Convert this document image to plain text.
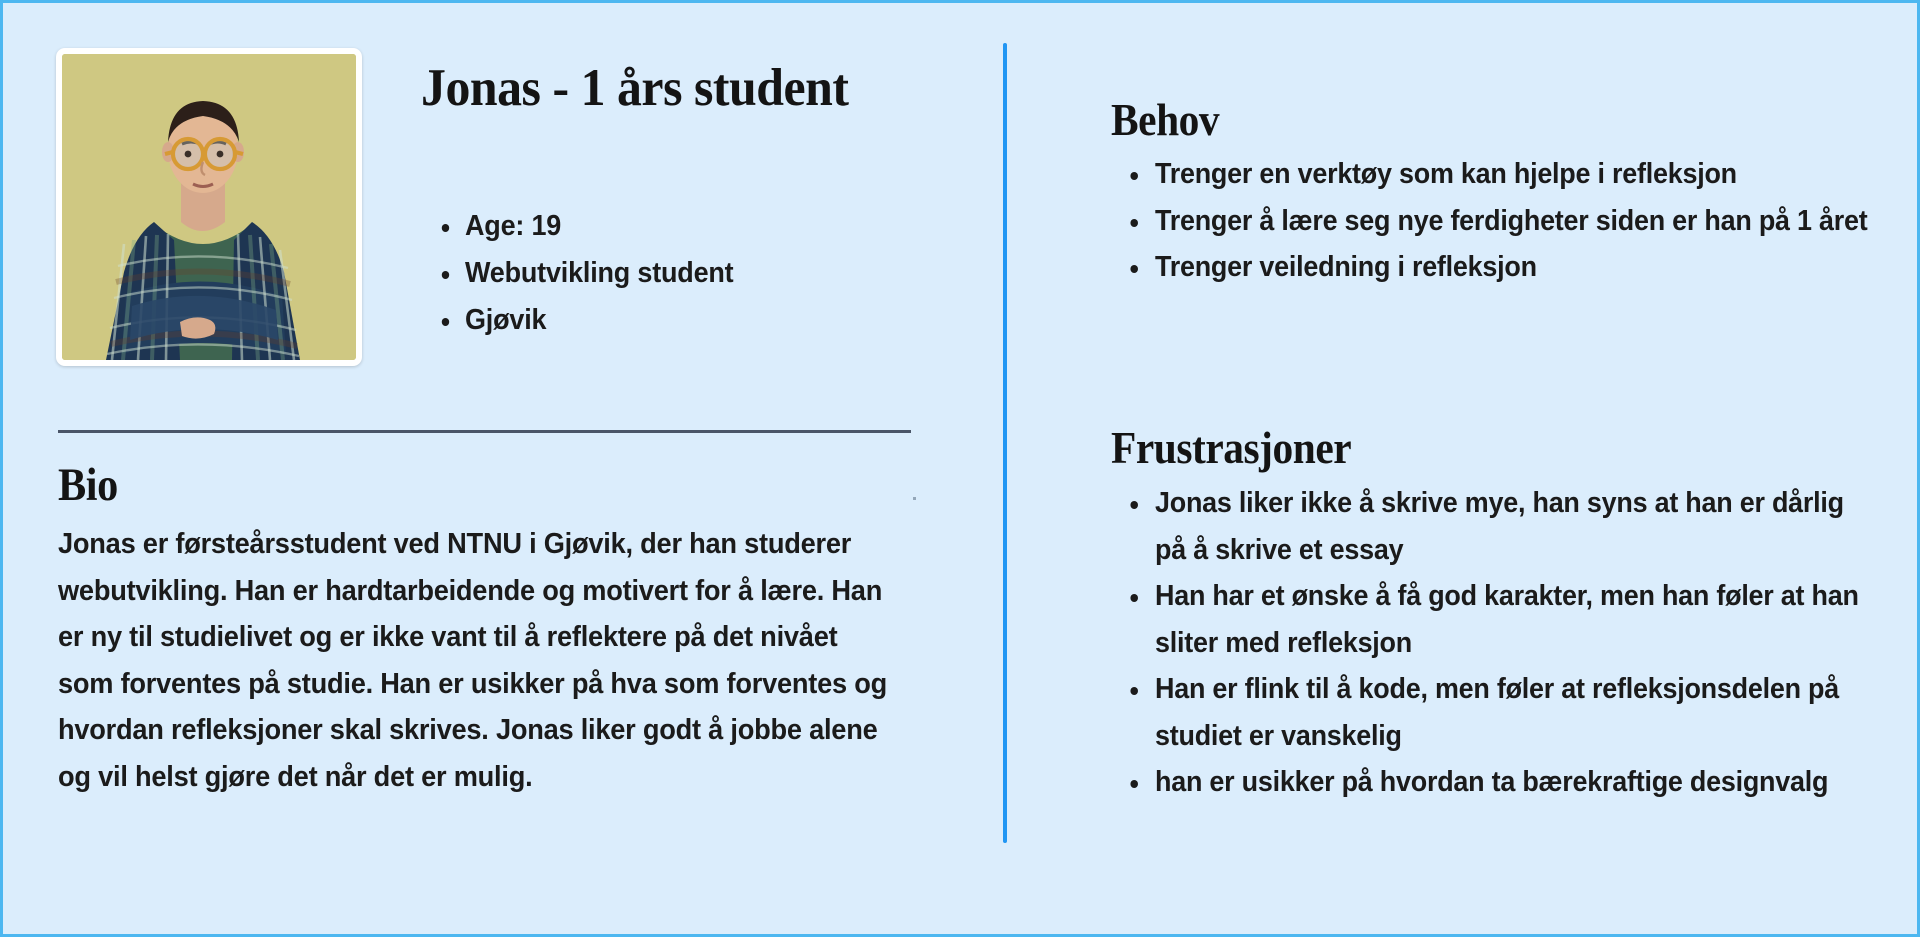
Jonas - 1 års student
Age: 19
Webutvikling student
Gjøvik
Bio

Jonas er førsteårsstudent ved NTNU i Gjøvik, der han studerer webutvikling. Han er hardtarbeidende og motivert for å lære. Han er ny til studielivet og er ikke vant til å reflektere på det nivået som forventes på studie. Han er usikker på hva som forventes og hvordan refleksjoner skal skrives. Jonas liker godt å jobbe alene og vil helst gjøre det når det er mulig.

Behov
Trenger en verktøy som kan hjelpe i refleksjon
Trenger å lære seg nye ferdigheter siden er han på 1 året
Trenger veiledning i refleksjon
Frustrasjoner
Jonas liker ikke å skrive mye, han syns at han er dårlig på å skrive et essay
Han har et ønske å få god karakter, men han føler at han sliter med refleksjon
Han er flink til å kode, men føler at refleksjonsdelen på studiet er vanskelig
han er usikker på hvordan ta bærekraftige designvalg
